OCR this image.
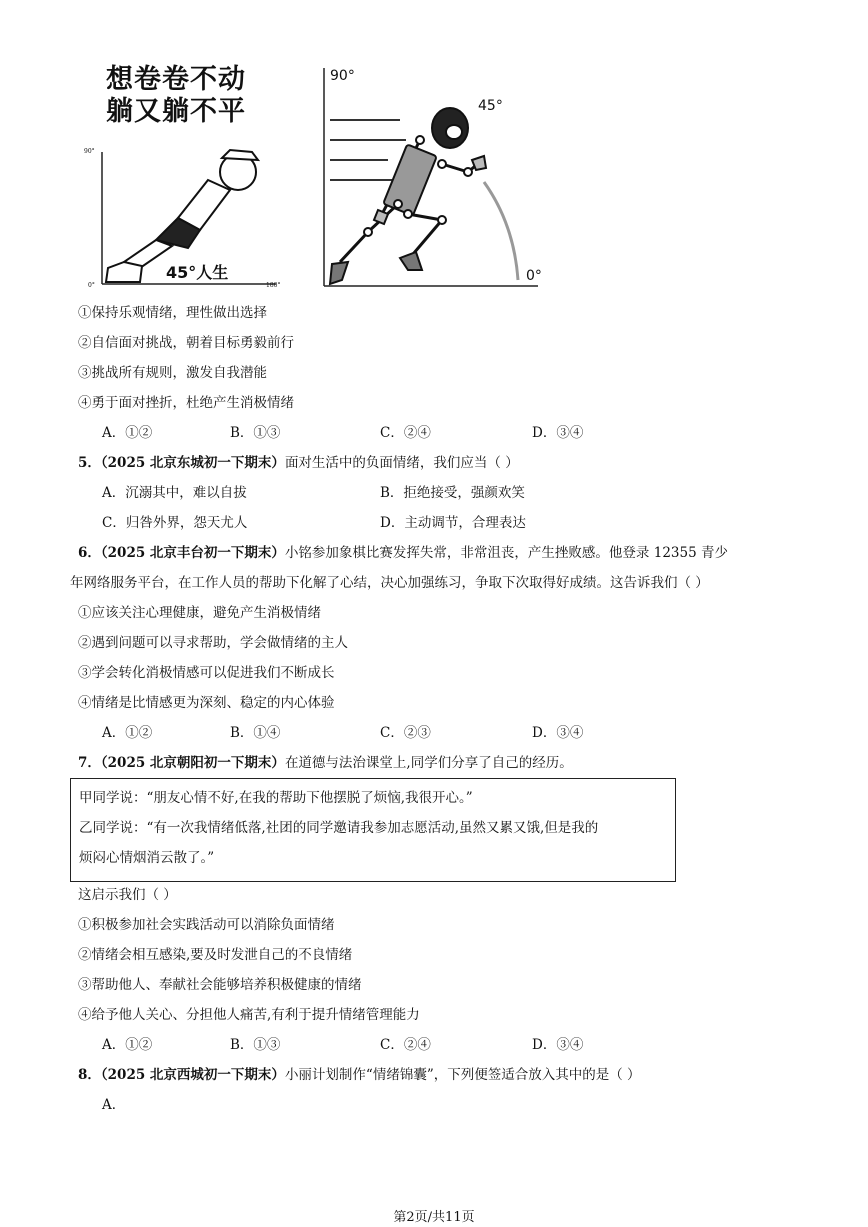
想卷卷不动
躺又躺不平
90°
0°	180°
45°人生
90°
45°
0°
①保持乐观情绪，理性做出选择
②自信面对挑战，朝着目标勇毅前行
③挑战所有规则，激发自我潜能
④勇于面对挫折，杜绝产生消极情绪
A．①②	B．①③	C．②④	D．③④
5．（2025 北京东城初一下期末）面对生活中的负面情绪，我们应当（ ）
A．沉溺其中，难以自拔	B．拒绝接受，强颜欢笑
C．归咎外界，怨天尤人	D．主动调节，合理表达
6．（2025 北京丰台初一下期末）小铭参加象棋比赛发挥失常，非常沮丧，产生挫败感。他登录 12355 青少
年网络服务平台，在工作人员的帮助下化解了心结，决心加强练习，争取下次取得好成绩。这告诉我们（ ）
①应该关注心理健康，避免产生消极情绪
②遇到问题可以寻求帮助，学会做情绪的主人
③学会转化消极情感可以促进我们不断成长
④情绪是比情感更为深刻、稳定的内心体验
A．①②	B．①④	C．②③	D．③④
7．（2025 北京朝阳初一下期末）在道德与法治课堂上,同学们分享了自己的经历。
甲同学说：“朋友心情不好,在我的帮助下他摆脱了烦恼,我很开心。”
乙同学说：“有一次我情绪低落,社团的同学邀请我参加志愿活动,虽然又累又饿,但是我的
烦闷心情烟消云散了。”
这启示我们（ ）
①积极参加社会实践活动可以消除负面情绪
②情绪会相互感染,要及时发泄自己的不良情绪
③帮助他人、奉献社会能够培养积极健康的情绪
④给予他人关心、分担他人痛苦,有利于提升情绪管理能力
A．①②	B．①③	C．②④	D．③④
8．（2025 北京西城初一下期末）小丽计划制作“情绪锦囊”，下列便签适合放入其中的是（ ）
A．
第2页/共11页
